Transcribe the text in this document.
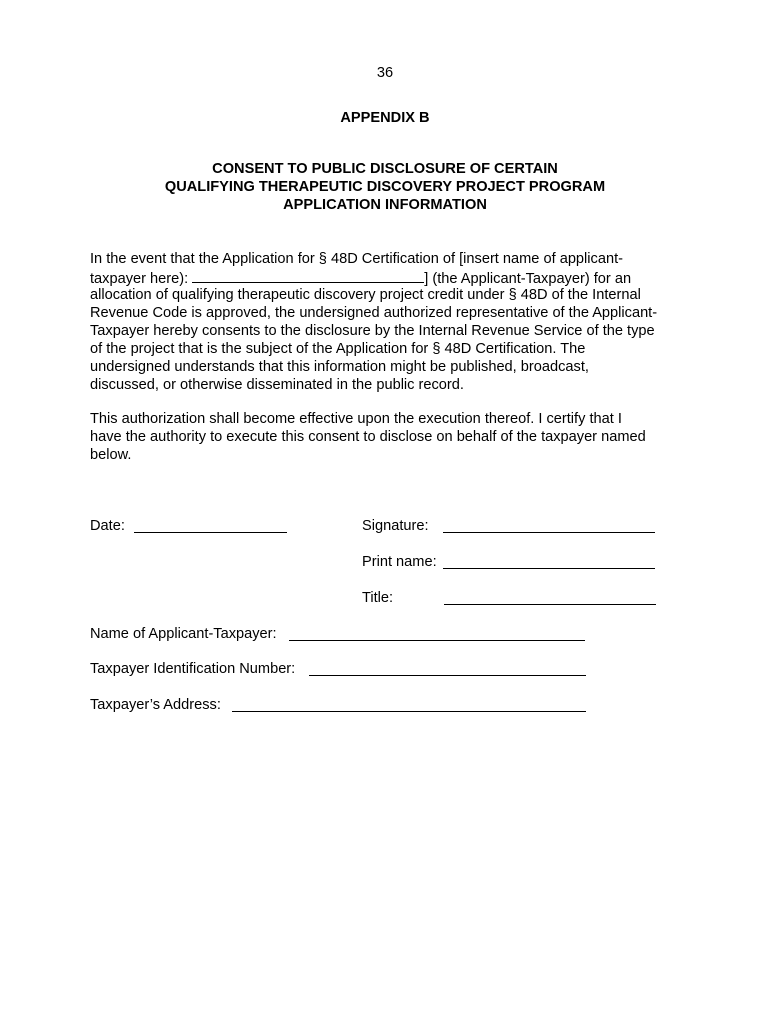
36
APPENDIX B
CONSENT TO PUBLIC DISCLOSURE OF CERTAIN
QUALIFYING THERAPEUTIC DISCOVERY PROJECT PROGRAM
APPLICATION INFORMATION
In the event that the Application for § 48D Certification of [insert name of applicant-
taxpayer here):	] (the Applicant-Taxpayer) for an
allocation of qualifying therapeutic discovery project credit under § 48D of the Internal
Revenue Code is approved, the undersigned authorized representative of the Applicant-
Taxpayer hereby consents to the disclosure by the Internal Revenue Service of the type
of the project that is the subject of the Application for § 48D Certification. The
undersigned understands that this information might be published, broadcast,
discussed, or otherwise disseminated in the public record.
This authorization shall become effective upon the execution thereof. I certify that I
have the authority to execute this consent to disclose on behalf of the taxpayer named
below.
Date:	Signature:
Print name:
Title:
Name of Applicant-Taxpayer:
Taxpayer Identification Number:
Taxpayer’s Address:
